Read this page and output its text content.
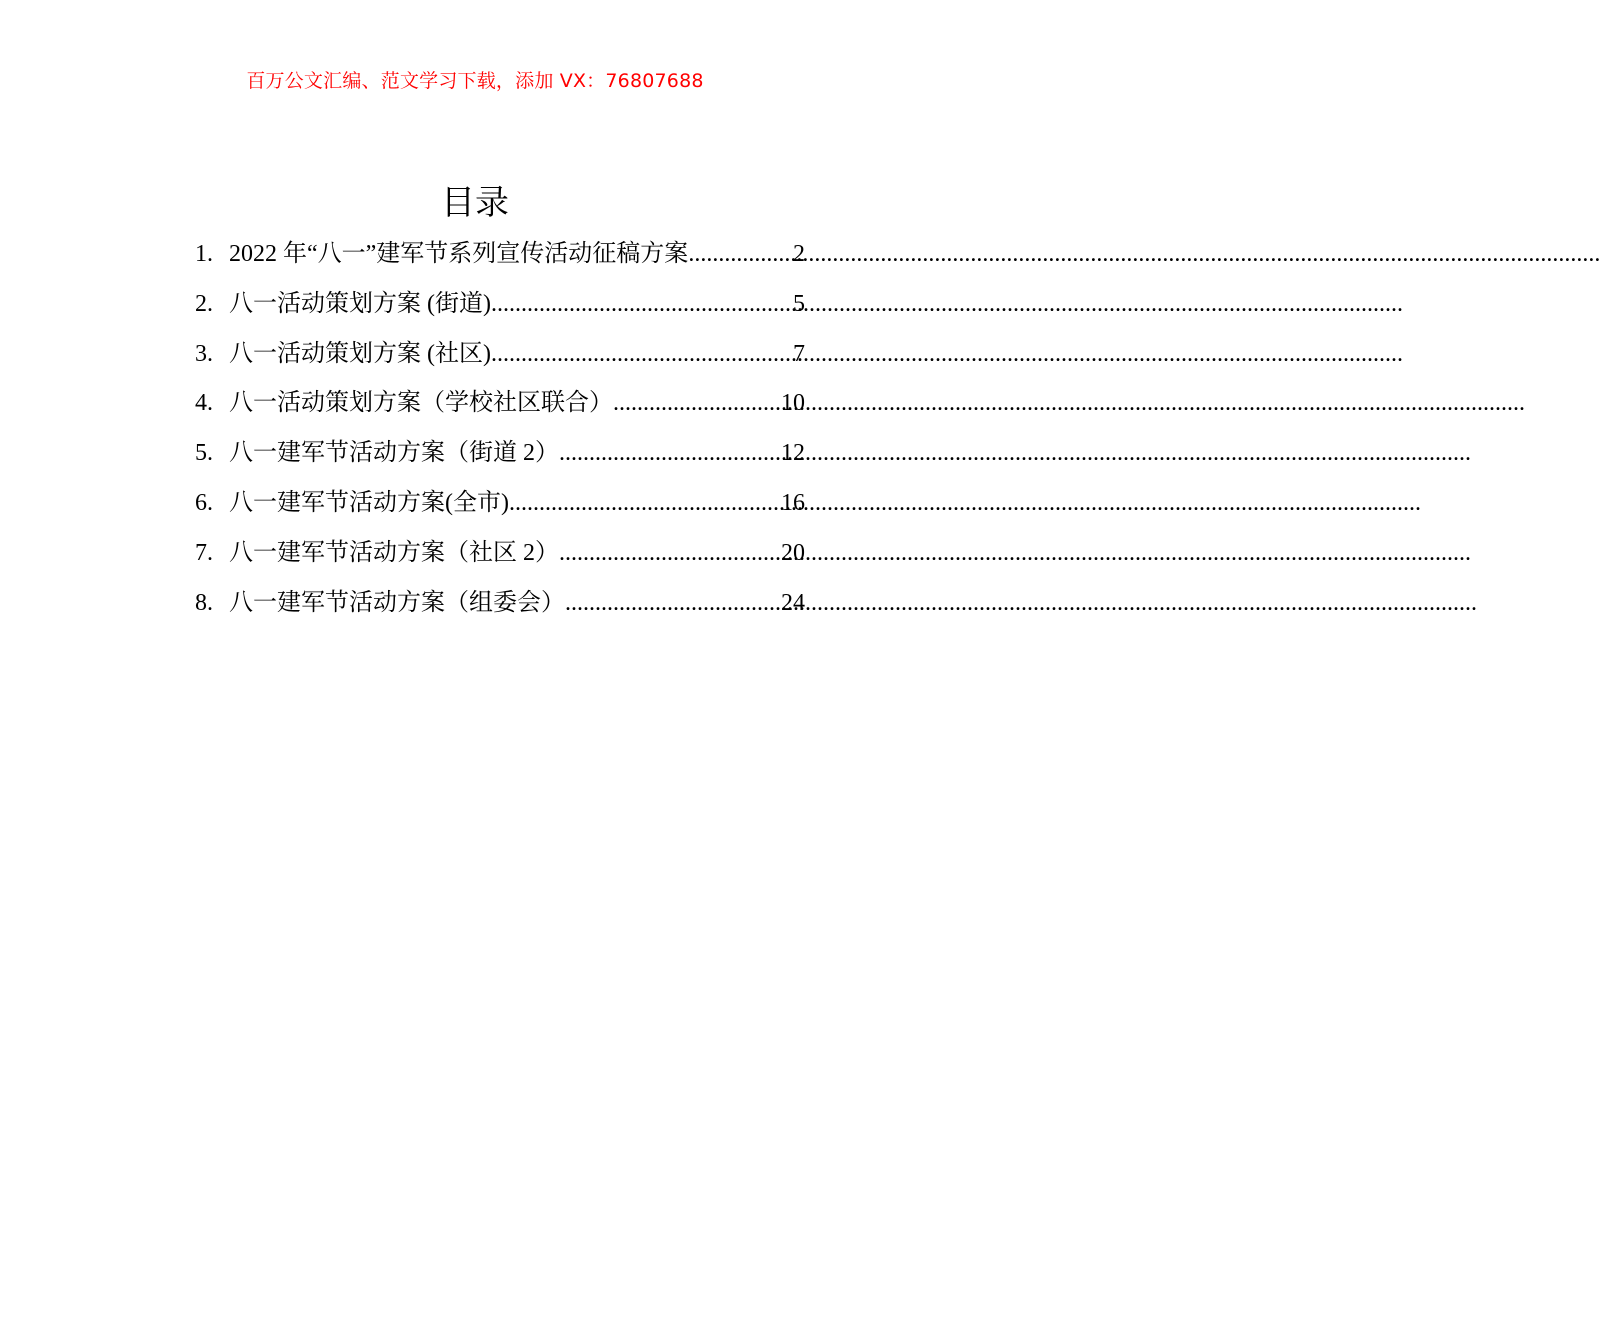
百万公文汇编、范文学习下载，添加 VX：76807688
目录
1. 2022 年“八一”建军节系列宣传活动征稿方案 .....	2
2. 八一活动策划方案 (街道) .....	5
3. 八一活动策划方案 (社区) .....	7
4. 八一活动策划方案（学校社区联合） .....	10
5. 八一建军节活动方案（街道 2） .....	12
6. 八一建军节活动方案(全市) .....	16
7. 八一建军节活动方案（社区 2） .....	20
8. 八一建军节活动方案（组委会） .....	24
